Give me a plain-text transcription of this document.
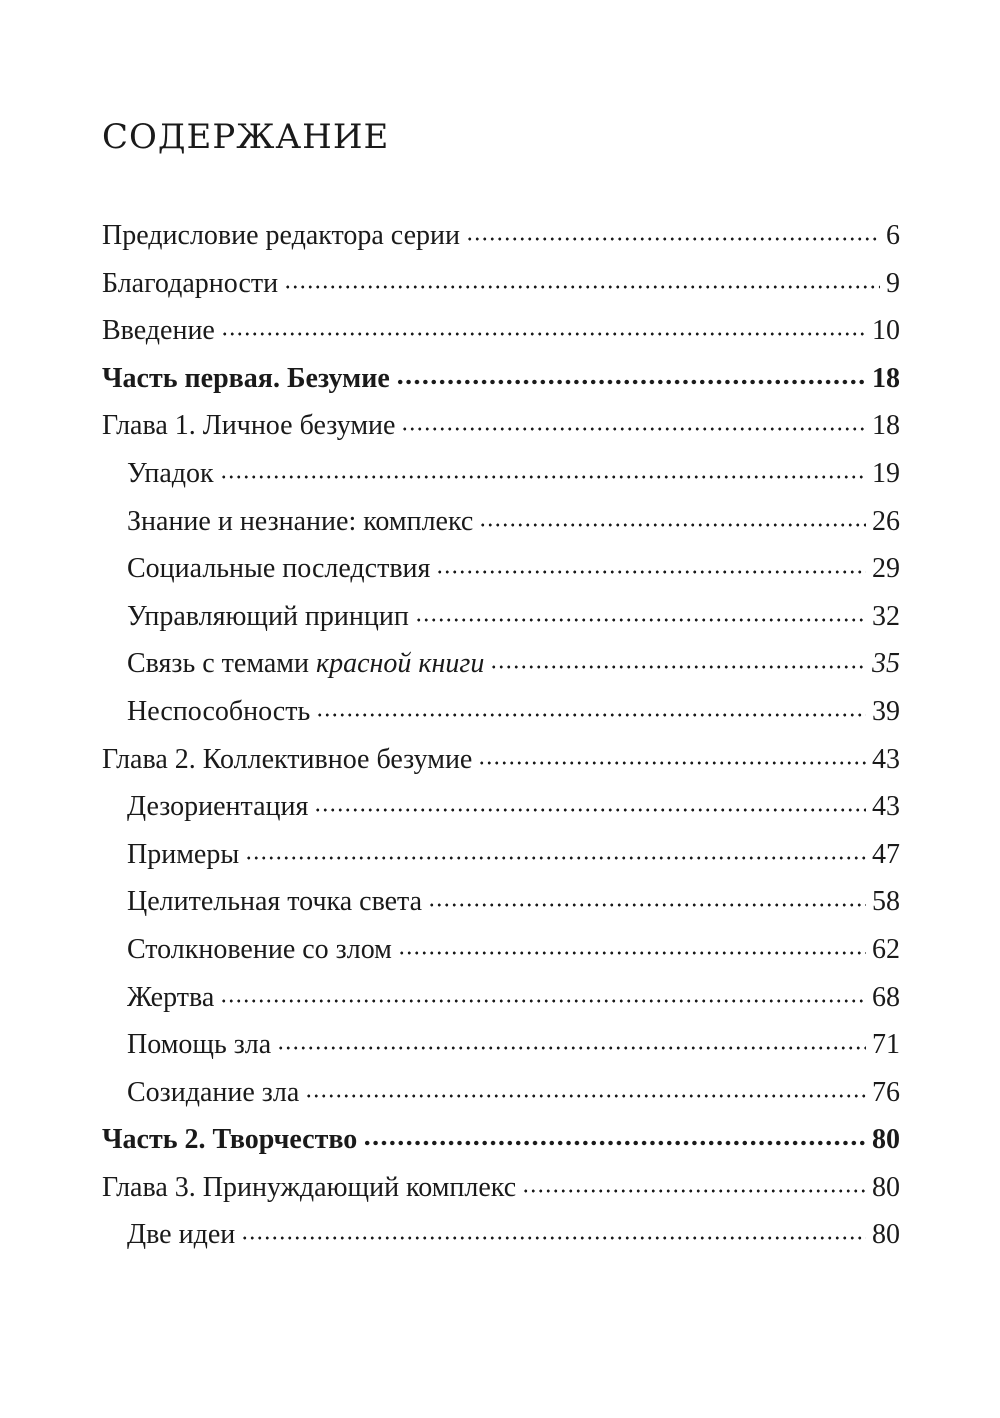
СОДЕРЖАНИЕ
Предисловие редактора серии	6
Благодарности	9
Введение	10
Часть первая. Безумие	18
Глава 1. Личное безумие	18
Упадок	19
Знание и незнание: комплекс	26
Социальные последствия	29
Управляющий принцип	32
Связь с темами красной книги	35
Неспособность	39
Глава 2. Коллективное безумие	43
Дезориентация	43
Примеры	47
Целительная точка света	58
Столкновение со злом	62
Жертва	68
Помощь зла	71
Созидание зла	76
Часть 2. Творчество	80
Глава 3. Принуждающий комплекс	80
Две идеи	80
